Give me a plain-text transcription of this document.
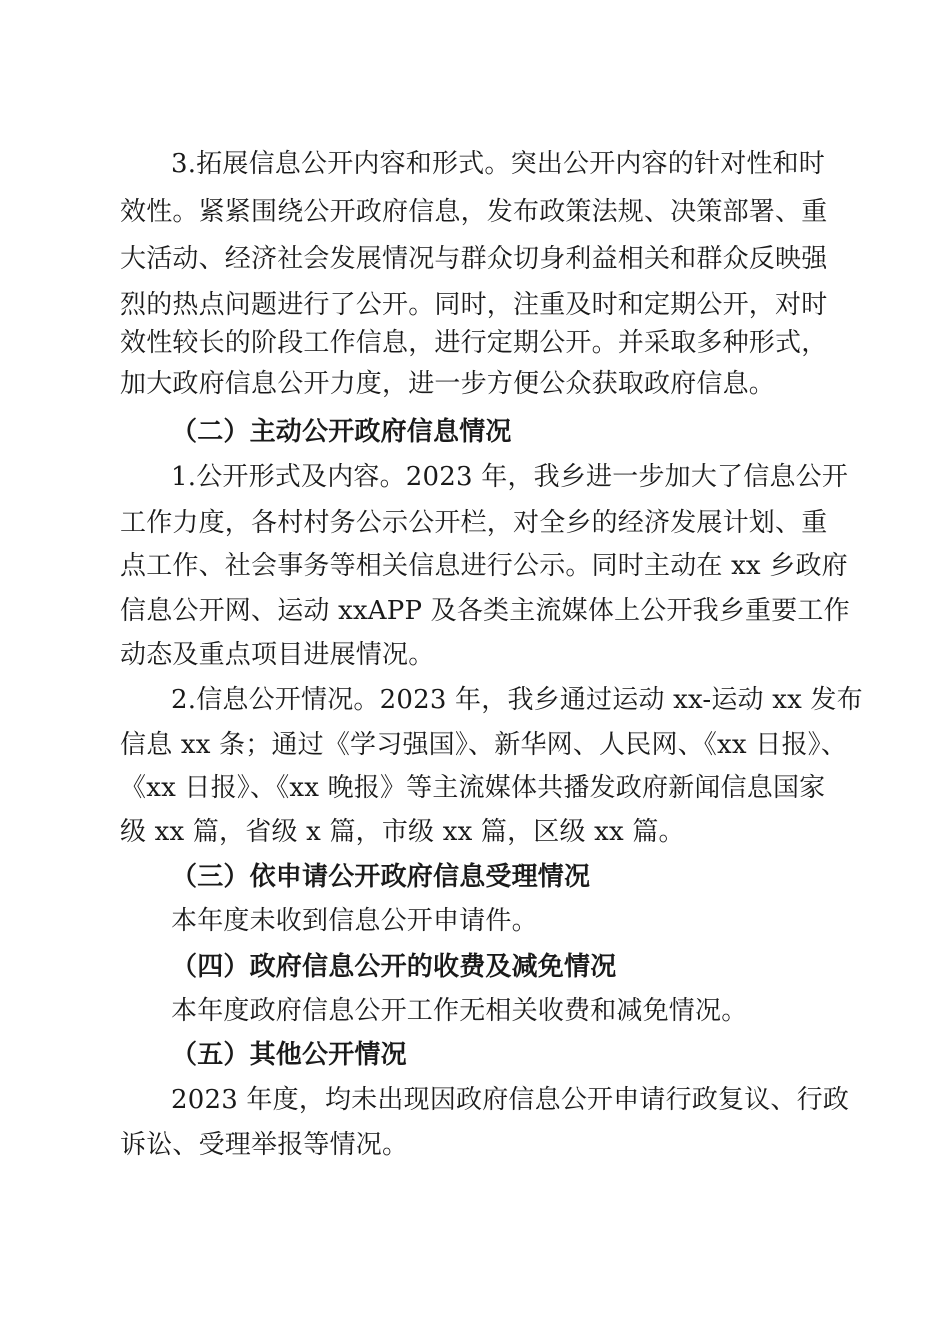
3.拓展信息公开内容和形式。突出公开内容的针对性和时
效性。紧紧围绕公开政府信息，发布政策法规、决策部署、重
大活动、经济社会发展情况与群众切身利益相关和群众反映强
烈的热点问题进行了公开。同时，注重及时和定期公开，对时
效性较长的阶段工作信息，进行定期公开。并采取多种形式，
加大政府信息公开力度，进一步方便公众获取政府信息。
（二）主动公开政府信息情况
1.公开形式及内容。2023 年，我乡进一步加大了信息公开
工作力度，各村村务公示公开栏，对全乡的经济发展计划、重
点工作、社会事务等相关信息进行公示。同时主动在 xx 乡政府
信息公开网、运动 xxAPP 及各类主流媒体上公开我乡重要工作
动态及重点项目进展情况。
2.信息公开情况。2023 年，我乡通过运动 xx-运动 xx 发布
信息 xx 条；通过《学习强国》、新华网、人民网、《xx 日报》、
《xx 日报》、《xx 晚报》等主流媒体共播发政府新闻信息国家
级 xx 篇，省级 x 篇，市级 xx 篇，区级 xx 篇。
（三）依申请公开政府信息受理情况
本年度未收到信息公开申请件。
（四）政府信息公开的收费及减免情况
本年度政府信息公开工作无相关收费和减免情况。
（五）其他公开情况
2023 年度，均未出现因政府信息公开申请行政复议、行政
诉讼、受理举报等情况。
